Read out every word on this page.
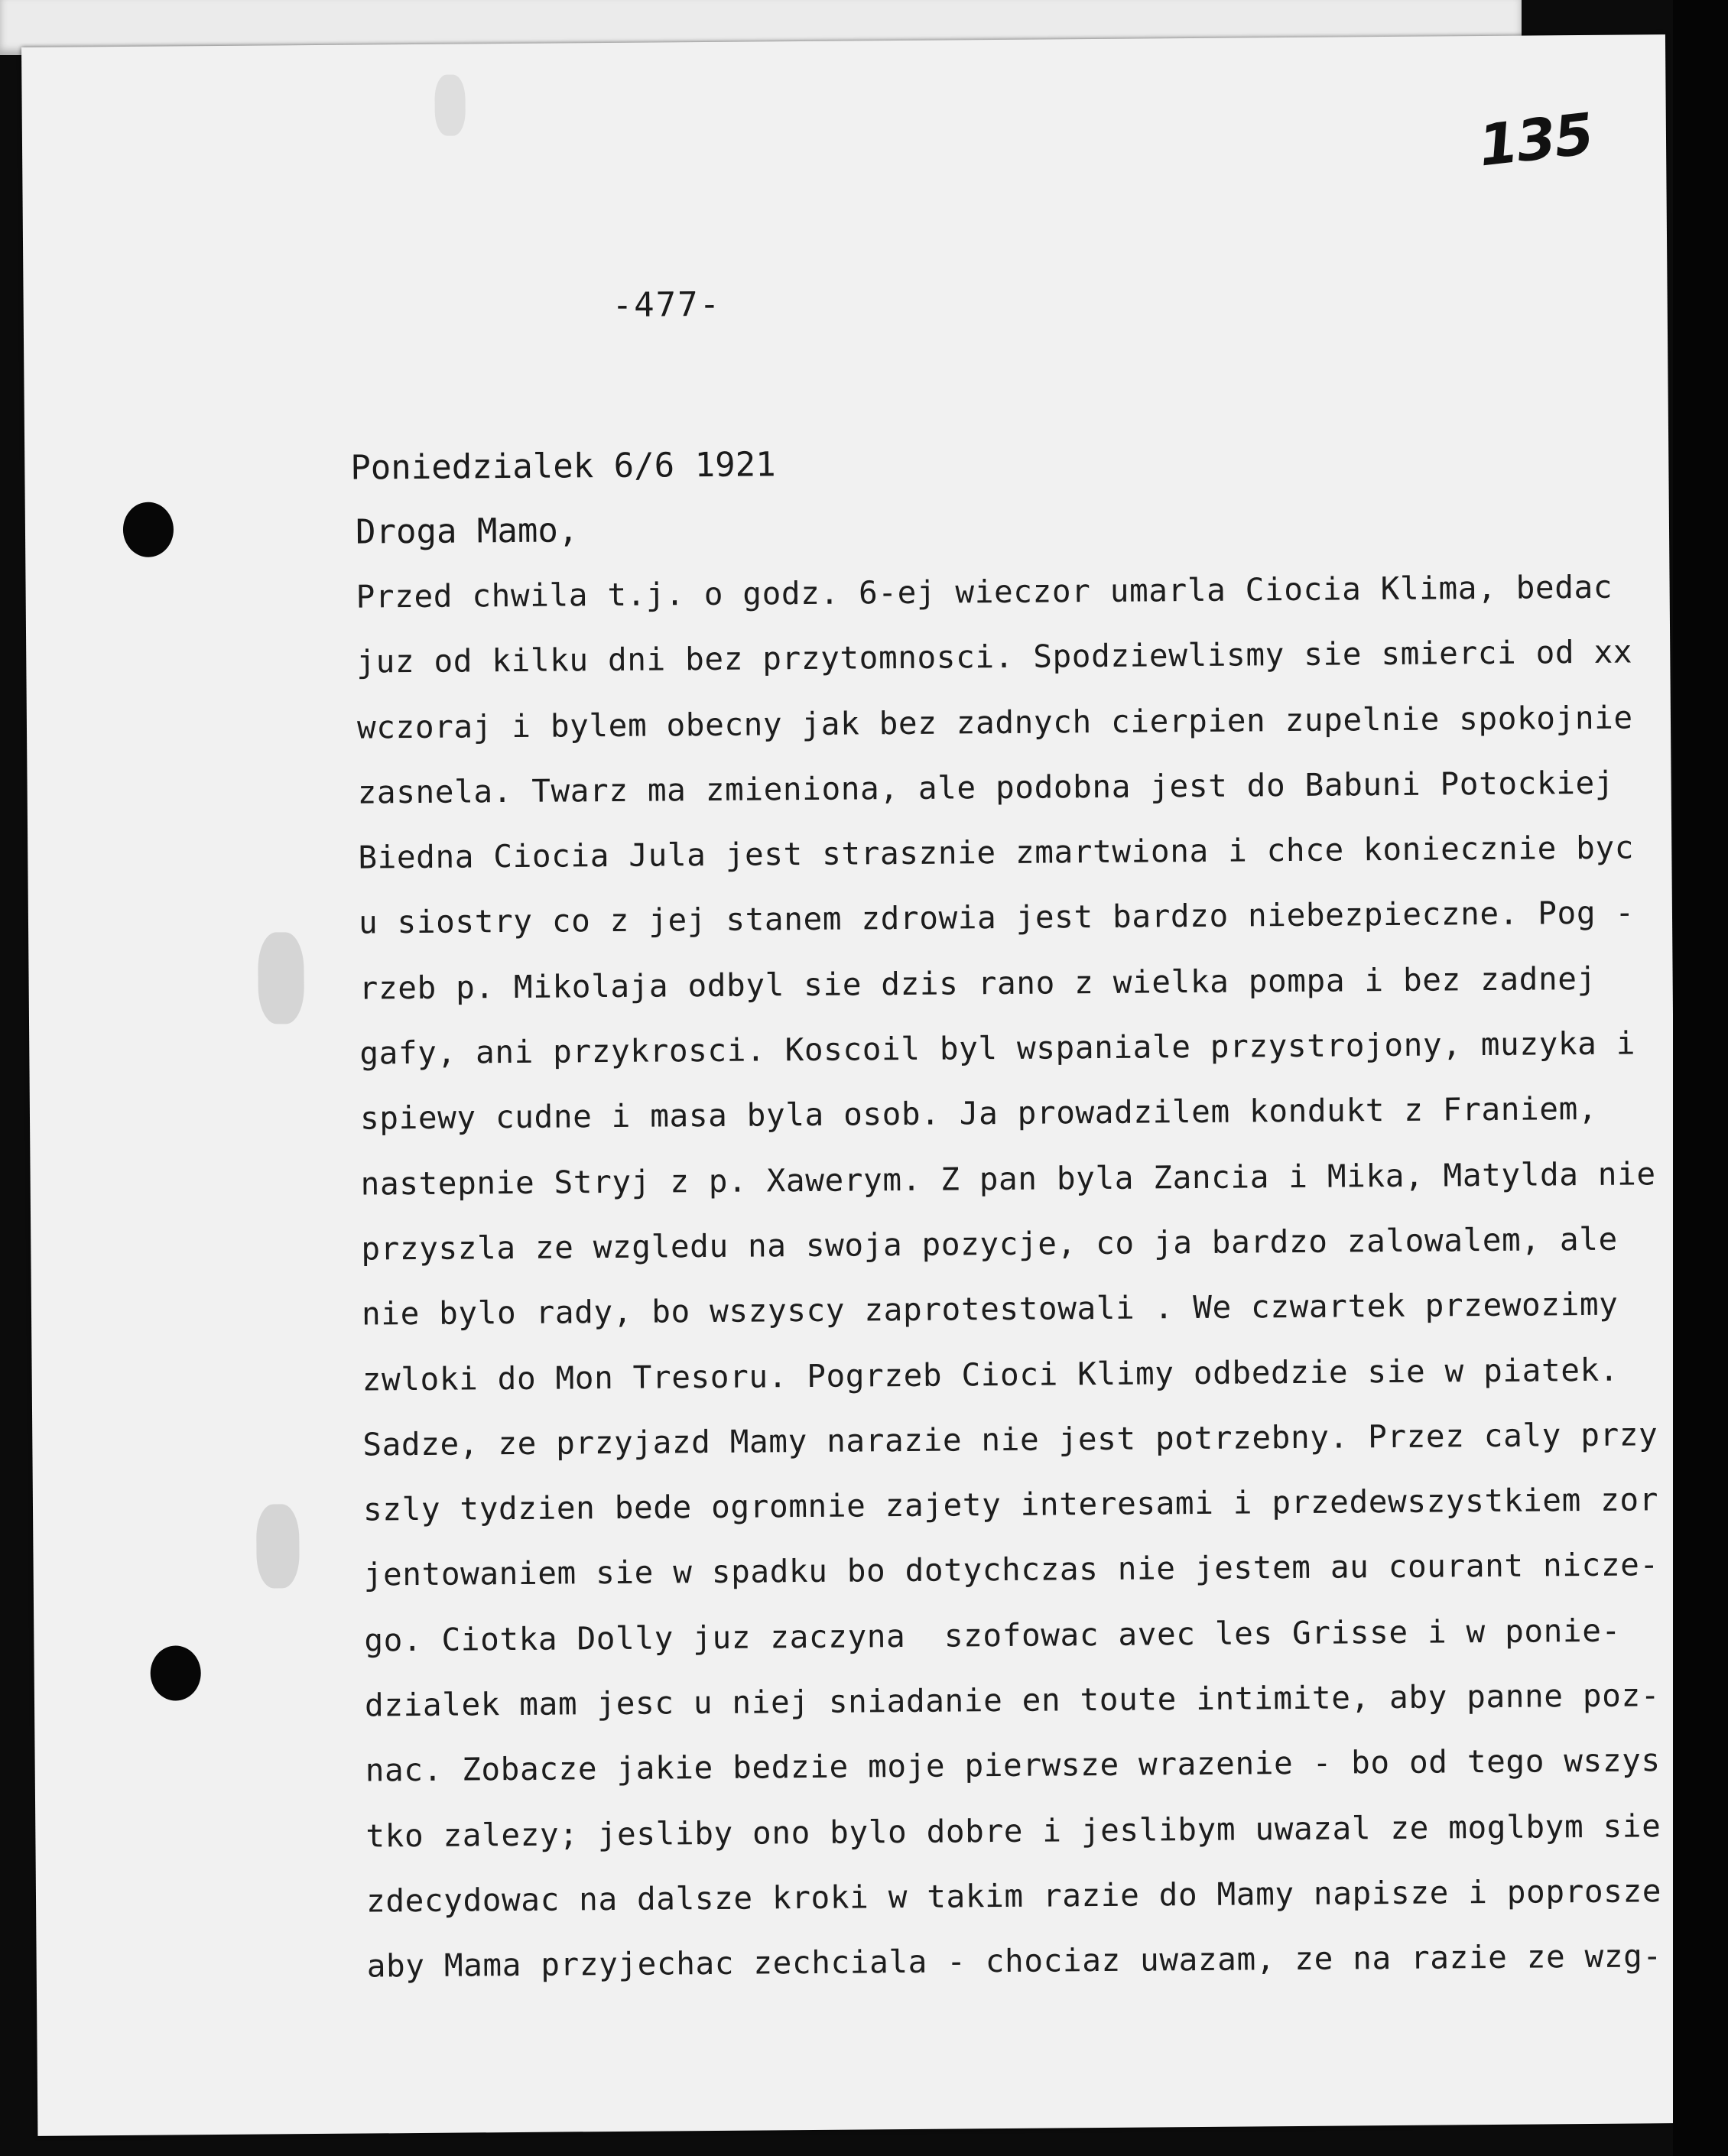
135
-477-
Poniedzialek 6/6 1921
Droga Mamo,
Przed chwila t.j. o godz. 6-ej wieczor umarla Ciocia Klima, bedac
juz od kilku dni bez przytomnosci. Spodziewlismy sie smierci od xx
wczoraj i bylem obecny jak bez zadnych cierpien zupelnie spokojnie
zasnela. Twarz ma zmieniona, ale podobna jest do Babuni Potockiej
Biedna Ciocia Jula jest strasznie zmartwiona i chce koniecznie byc
u siostry co z jej stanem zdrowia jest bardzo niebezpieczne. Pog -
rzeb p. Mikolaja odbyl sie dzis rano z wielka pompa i bez zadnej
gafy, ani przykrosci. Koscoil byl wspaniale przystrojony, muzyka i
spiewy cudne i masa byla osob. Ja prowadzilem kondukt z Franiem,
nastepnie Stryj z p. Xawerym. Z pan byla Zancia i Mika, Matylda nie
przyszla ze wzgledu na swoja pozycje, co ja bardzo zalowalem, ale
nie bylo rady, bo wszyscy zaprotestowali . We czwartek przewozimy
zwloki do Mon Tresoru. Pogrzeb Cioci Klimy odbedzie sie w piatek.
Sadze, ze przyjazd Mamy narazie nie jest potrzebny. Przez caly przy
szly tydzien bede ogromnie zajety interesami i przedewszystkiem zor
jentowaniem sie w spadku bo dotychczas nie jestem au courant nicze-
go. Ciotka Dolly juz zaczyna  szofowac avec les Grisse i w ponie-
dzialek mam jesc u niej sniadanie en toute intimite, aby panne poz-
nac. Zobacze jakie bedzie moje pierwsze wrazenie - bo od tego wszys
tko zalezy; jesliby ono bylo dobre i jeslibym uwazal ze moglbym sie
zdecydowac na dalsze kroki w takim razie do Mamy napisze i poprosze
aby Mama przyjechac zechciala - chociaz uwazam, ze na razie ze wzg-
